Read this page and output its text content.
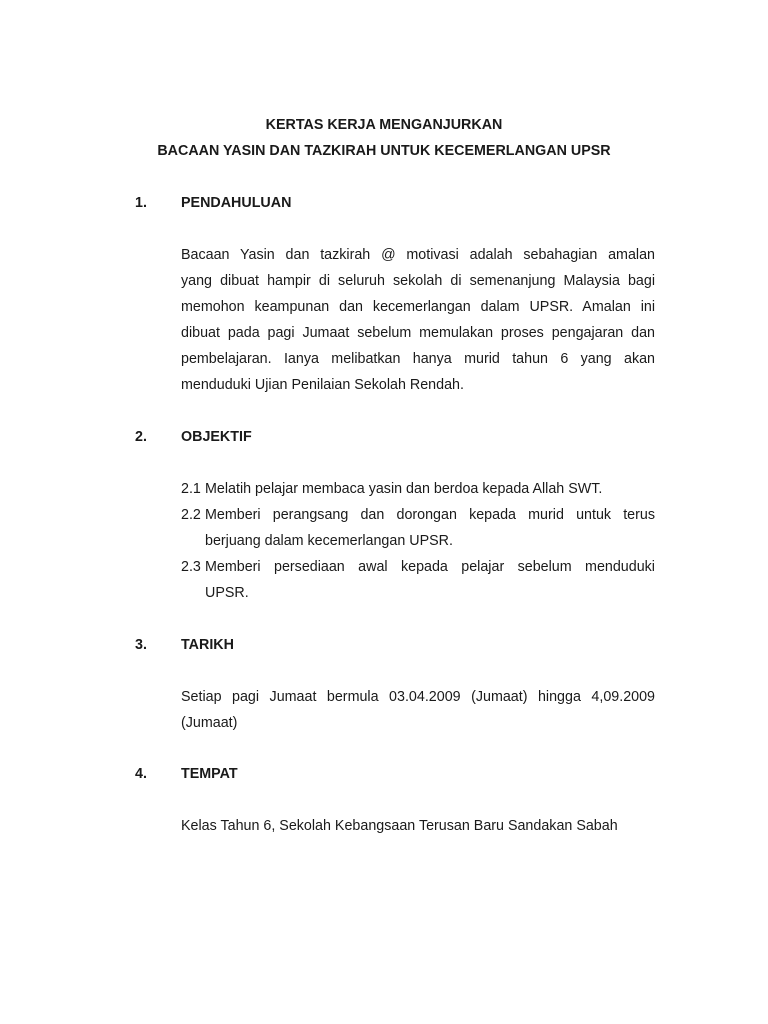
KERTAS KERJA MENGANJURKAN
BACAAN YASIN DAN TAZKIRAH UNTUK KECEMERLANGAN UPSR
1. PENDAHULUAN
Bacaan Yasin dan tazkirah @ motivasi adalah sebahagian amalan
yang dibuat hampir di seluruh sekolah di semenanjung Malaysia bagi
memohon keampunan dan kecemerlangan dalam UPSR. Amalan ini
dibuat pada pagi Jumaat sebelum memulakan proses pengajaran dan
pembelajaran. Ianya melibatkan hanya murid tahun 6 yang akan
menduduki Ujian Penilaian Sekolah Rendah.
2. OBJEKTIF
2.1 Melatih pelajar membaca yasin dan berdoa kepada Allah SWT.
2.2 Memberi perangsang dan dorongan kepada murid untuk terus
berjuang dalam kecemerlangan UPSR.
2.3 Memberi persediaan awal kepada pelajar sebelum menduduki
UPSR.
3. TARIKH
Setiap pagi Jumaat bermula 03.04.2009 (Jumaat) hingga 4,09.2009
(Jumaat)
4. TEMPAT
Kelas Tahun 6, Sekolah Kebangsaan Terusan Baru Sandakan Sabah
